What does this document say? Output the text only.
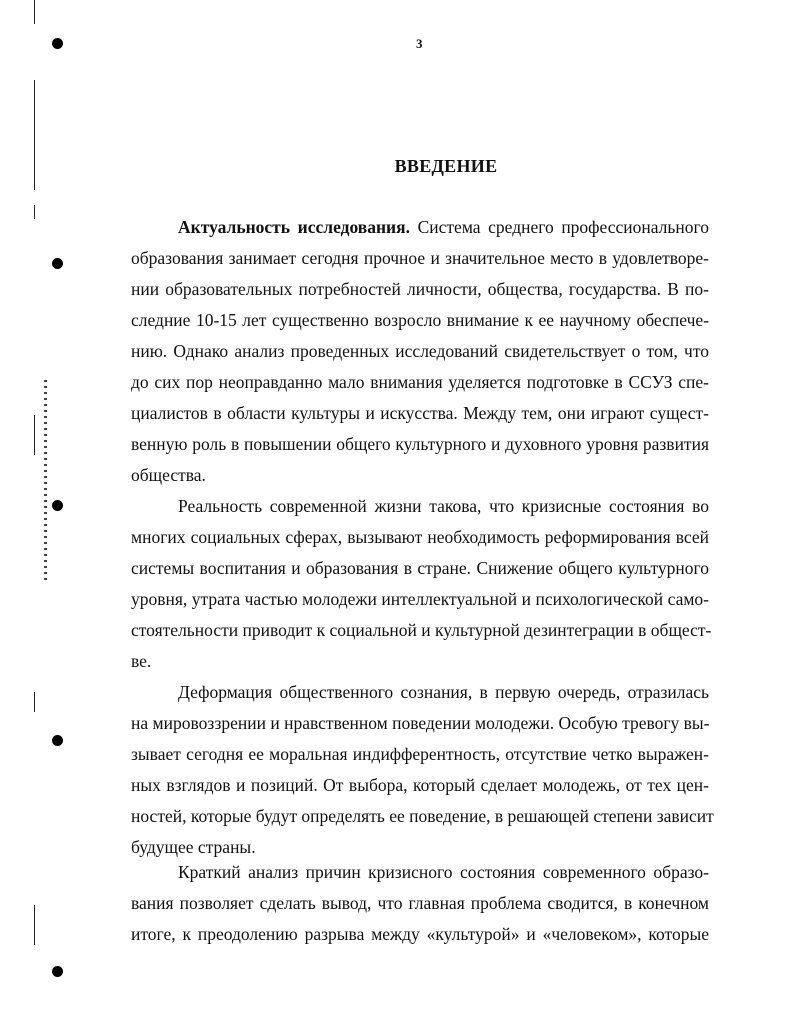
3
ВВЕДЕНИЕ
Актуальность исследования. Система среднего профессионального
образования занимает сегодня прочное и значительное место в удовлетворе-
нии образовательных потребностей личности, общества, государства. В по-
следние 10-15 лет существенно возросло внимание к ее научному обеспече-
нию. Однако анализ проведенных исследований свидетельствует о том, что
до сих пор неоправданно мало внимания уделяется подготовке в ССУЗ спе-
циалистов в области культуры и искусства. Между тем, они играют сущест-
венную роль в повышении общего культурного и духовного уровня развития
общества.
Реальность современной жизни такова, что кризисные состояния во
многих социальных сферах, вызывают необходимость реформирования всей
системы воспитания и образования в стране. Снижение общего культурного
уровня, утрата частью молодежи интеллектуальной и психологической само-
стоятельности приводит к социальной и культурной дезинтеграции в общест-
ве.
Деформация общественного сознания, в первую очередь, отразилась
на мировоззрении и нравственном поведении молодежи. Особую тревогу вы-
зывает сегодня ее моральная индифферентность, отсутствие четко выражен-
ных взглядов и позиций. От выбора, который сделает молодежь, от тех цен-
ностей, которые будут определять ее поведение, в решающей степени зависит
будущее страны.
Краткий анализ причин кризисного состояния современного образо-
вания позволяет сделать вывод, что главная проблема сводится, в конечном
итоге, к преодолению разрыва между «культурой» и «человеком», которые
